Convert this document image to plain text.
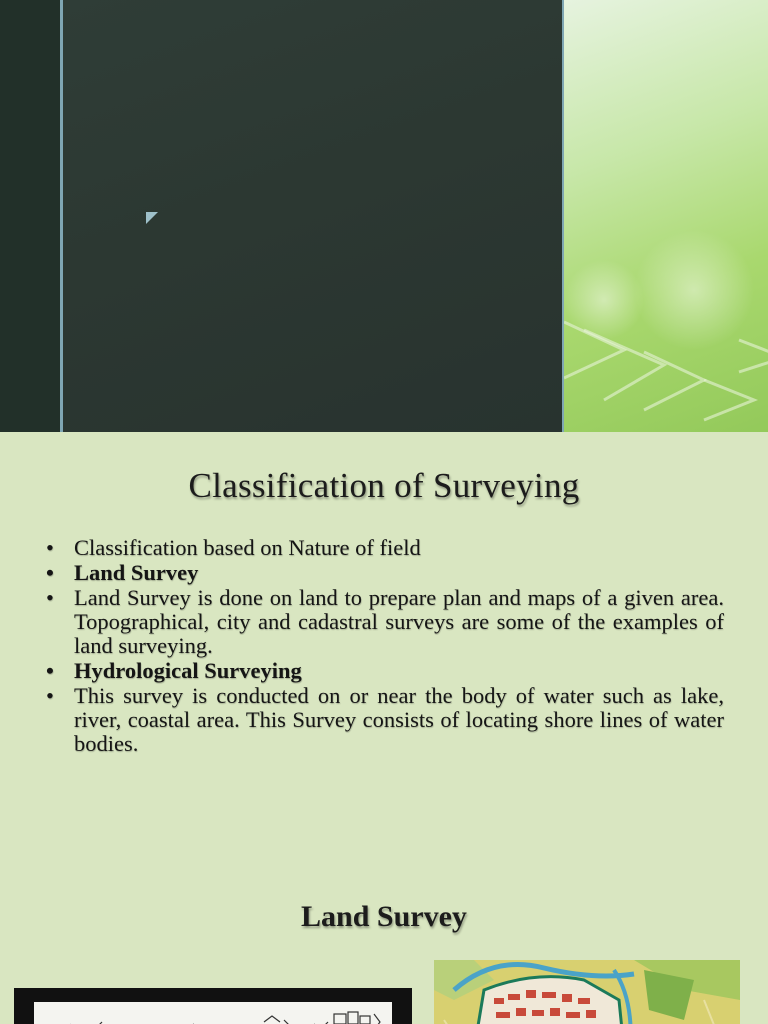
Classification of Surveying
• Classification based on Nature of field
• Land Survey
• Land Survey is done on land to prepare plan and maps of a given area. Topographical, city and cadastral surveys are some of the examples of land surveying.
• Hydrological Surveying
• This survey is conducted on or near the body of water such as lake, river, coastal area. This Survey consists of locating shore lines of water bodies.
Land Survey
